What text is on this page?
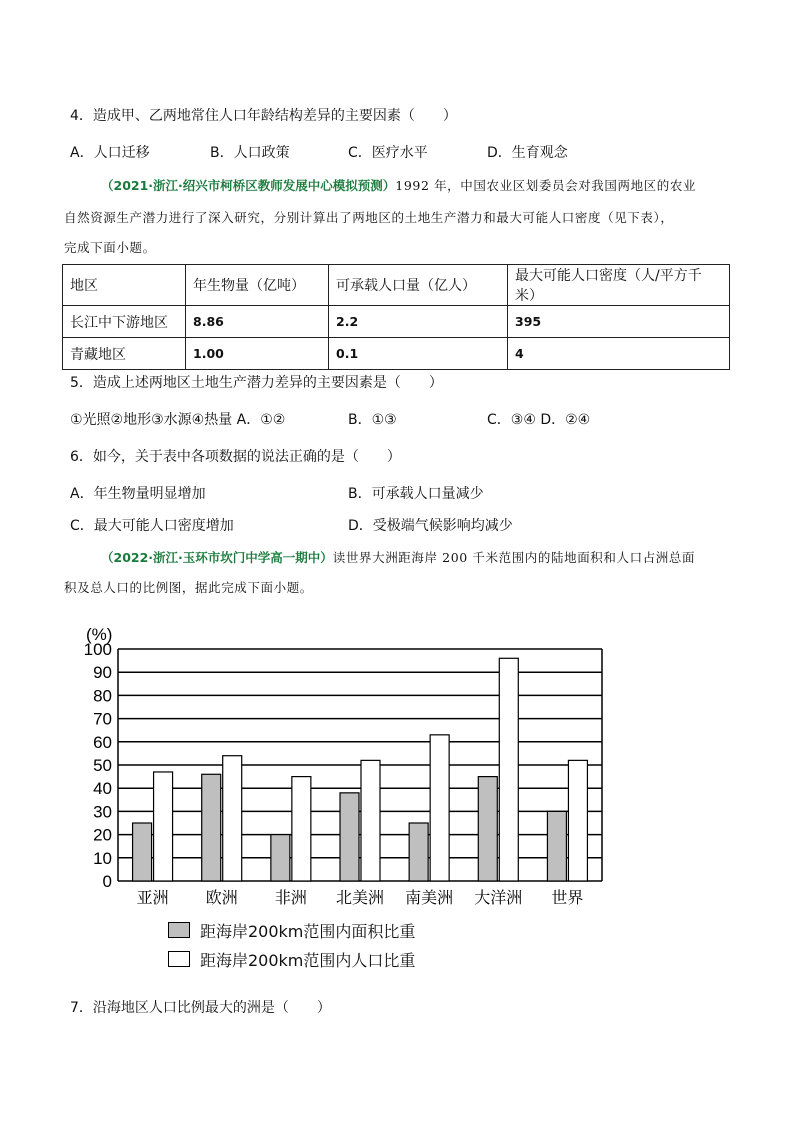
4．造成甲、乙两地常住人口年龄结构差异的主要因素（　　）
A．人口迁移	B．人口政策	C．医疗水平	D．生育观念
（2021·浙江·绍兴市柯桥区教师发展中心模拟预测）1992 年，中国农业区划委员会对我国两地区的农业
自然资源生产潜力进行了深入研究，分别计算出了两地区的土地生产潜力和最大可能人口密度（见下表），
完成下面小题。
地区	年生物量（亿吨）	可承载人口量（亿人）	最大可能人口密度（人/平方千米）
长江中下游地区	8.86	2.2	395
青藏地区	1.00	0.1	4
5．造成上述两地区土地生产潜力差异的主要因素是（　　）
①光照②地形③水源④热量 A．①②	B．①③	C．③④ D．②④
6．如今，关于表中各项数据的说法正确的是（　　）
A．年生物量明显增加	B．可承载人口量减少
C．最大可能人口密度增加	D．受极端气候影响均减少
（2022·浙江·玉环市坎门中学高一期中）读世界大洲距海岸 200 千米范围内的陆地面积和人口占洲总面
积及总人口的比例图，据此完成下面小题。
0
10
20
30
40
50
60
70
80
90
100
(%)
亚洲 欧洲 非洲 北美洲 南美洲 大洋洲 世界
距海岸200km范围内面积比重
距海岸200km范围内人口比重
7．沿海地区人口比例最大的洲是（　　）
